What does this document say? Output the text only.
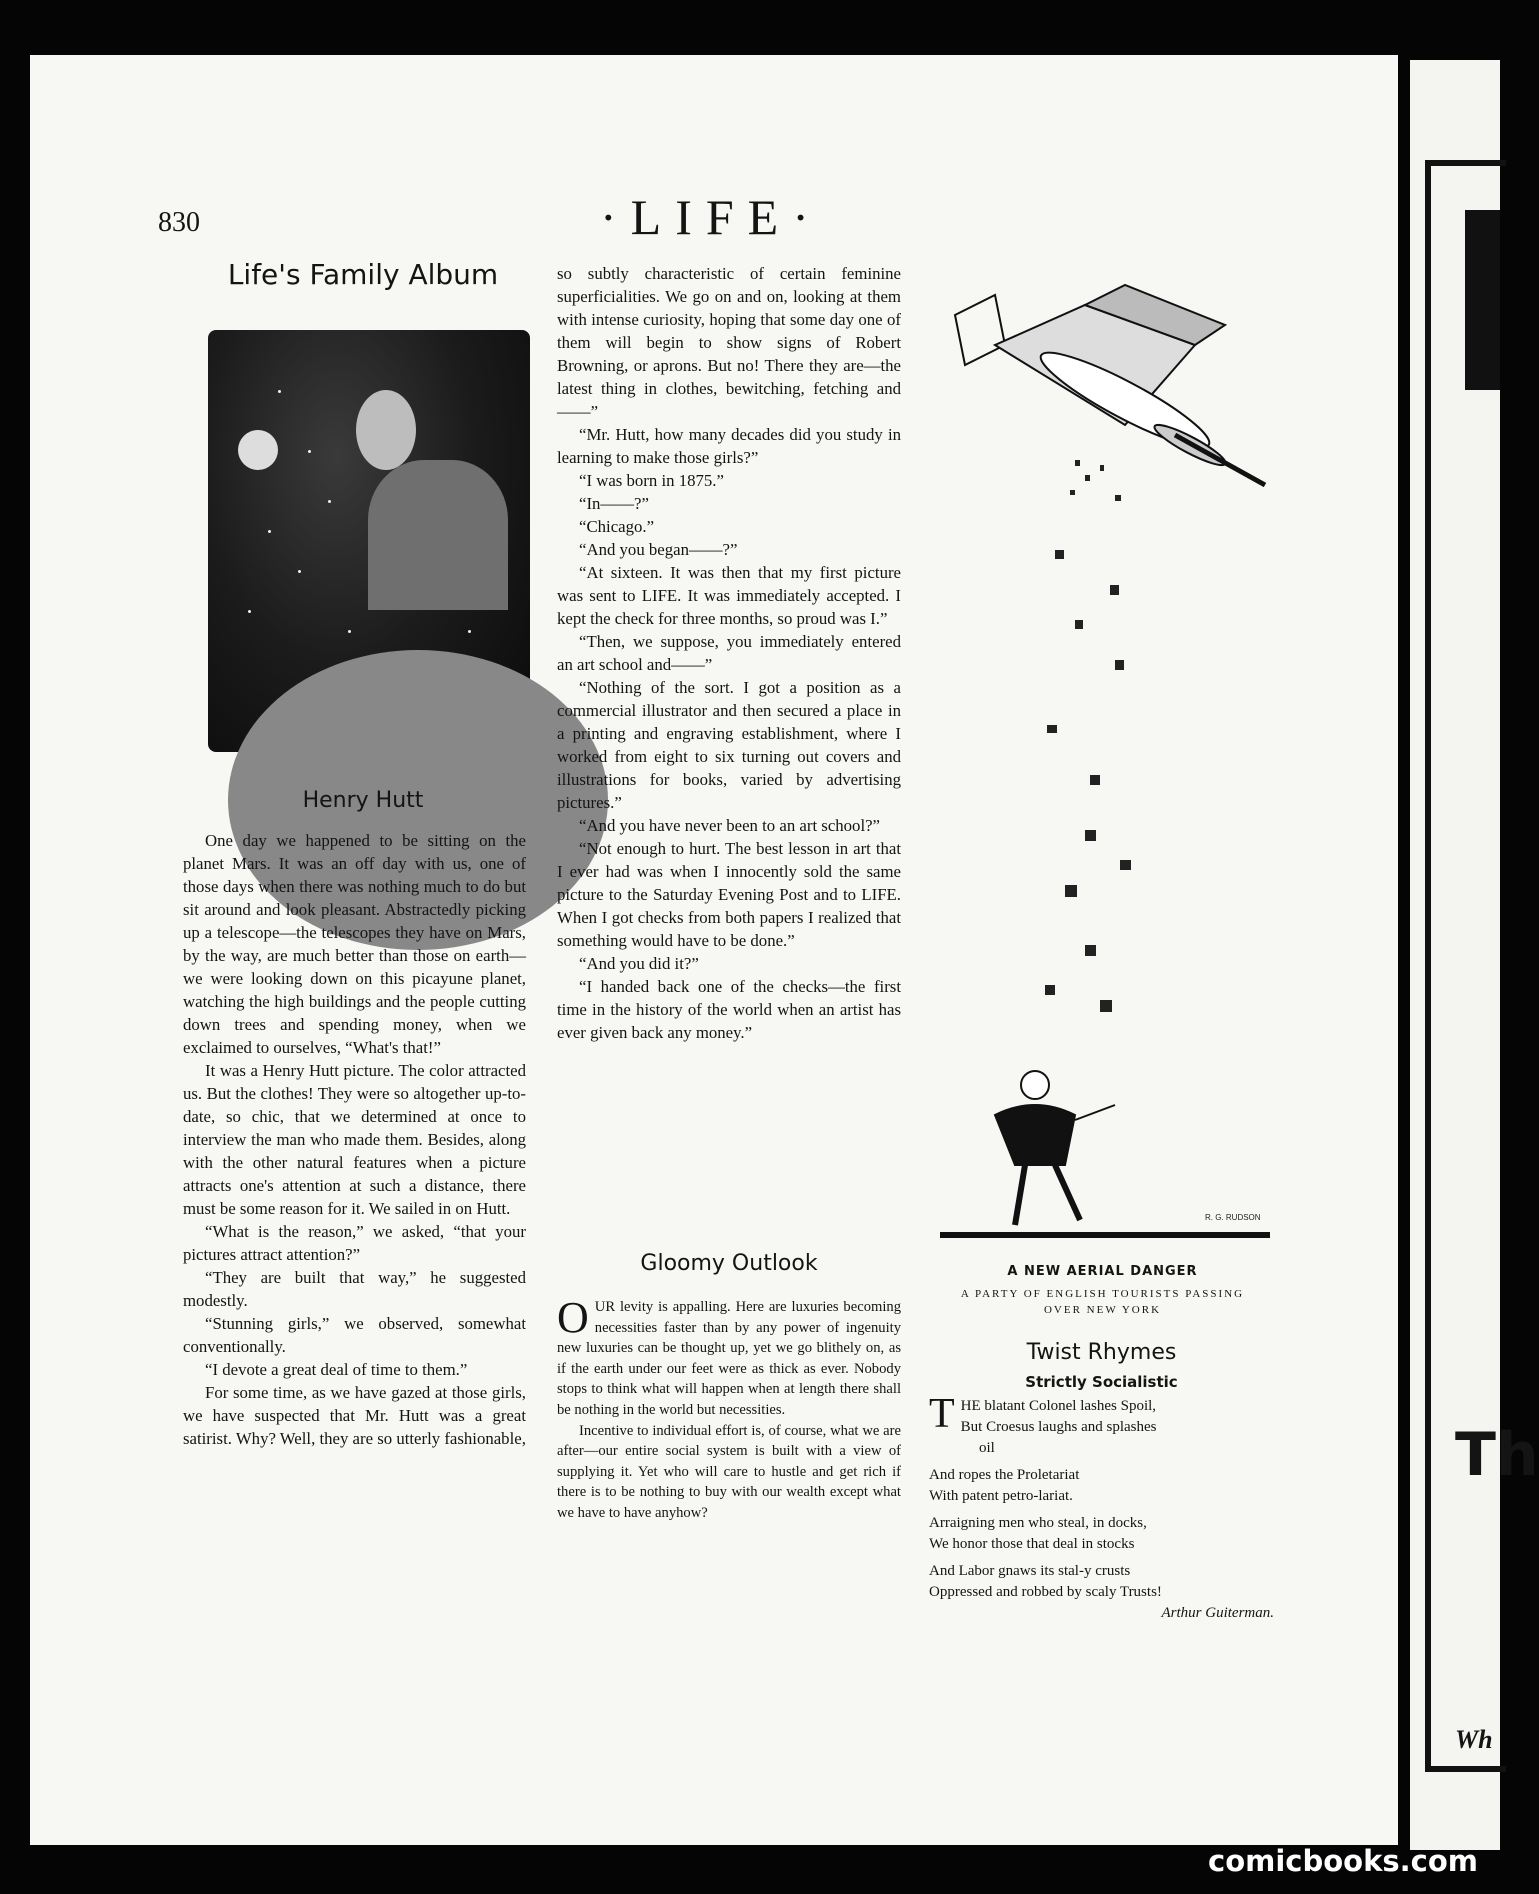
830	·LIFE·
Life's Family Album
Henry Hutt

One day we happened to be sitting on the planet Mars. It was an off day with us, one of those days when there was nothing much to do but sit around and look pleasant. Abstractedly picking up a telescope—the telescopes they have on Mars, by the way, are much better than those on earth—we were looking down on this picayune planet, watching the high buildings and the people cutting down trees and spending money, when we exclaimed to ourselves, “What's that!”

It was a Henry Hutt picture. The color attracted us. But the clothes! They were so altogether up-to-date, so chic, that we determined at once to interview the man who made them. Besides, along with the other natural features when a picture attracts one's attention at such a distance, there must be some reason for it. We sailed in on Hutt.

“What is the reason,” we asked, “that your pictures attract attention?”

“They are built that way,” he suggested modestly.

“Stunning girls,” we observed, somewhat conventionally.

“I devote a great deal of time to them.”

For some time, as we have gazed at those girls, we have suspected that Mr. Hutt was a great satirist. Why? Well, they are so utterly fashionable,

so subtly characteristic of certain feminine superficialities. We go on and on, looking at them with intense curiosity, hoping that some day one of them will begin to show signs of Robert Browning, or aprons. But no! There they are—the latest thing in clothes, bewitching, fetching and——”

“Mr. Hutt, how many decades did you study in learning to make those girls?”

“I was born in 1875.”

“In——?”

“Chicago.”

“And you began——?”

“At sixteen. It was then that my first picture was sent to LIFE. It was immediately accepted. I kept the check for three months, so proud was I.”

“Then, we suppose, you immediately entered an art school and——”

“Nothing of the sort. I got a position as a commercial illustrator and then secured a place in a printing and engraving establishment, where I worked from eight to six turning out covers and illustrations for books, varied by advertising pictures.”

“And you have never been to an art school?”

“Not enough to hurt. The best lesson in art that I ever had was when I innocently sold the same picture to the Saturday Evening Post and to LIFE. When I got checks from both papers I realized that something would have to be done.”

“And you did it?”

“I handed back one of the checks—the first time in the history of the world when an artist has ever given back any money.”

Gloomy Outlook

OUR levity is appalling. Here are luxuries becoming necessities faster than by any power of ingenuity new luxuries can be thought up, yet we go blithely on, as if the earth under our feet were as thick as ever. Nobody stops to think what will happen when at length there shall be nothing in the world but necessities.

Incentive to individual effort is, of course, what we are after—our entire social system is built with a view of supplying it. Yet who will care to hustle and get rich if there is to be nothing to buy with our wealth except what we have to have anyhow?

R. G. RUDSON
A NEW AERIAL DANGER
A PARTY OF ENGLISH TOURISTS PASSING
OVER NEW YORK
Twist Rhymes
Strictly Socialistic
T HE blatant Colonel lashes Spoil,
But Croesus laughs and splashes
oil
And ropes the Proletariat
With patent petro-lariat.
Arraigning men who steal, in docks,
We honor those that deal in stocks
And Labor gnaws its stal-y crusts
Oppressed and robbed by scaly Trusts!
Arthur Guiterman.
I
Th
Wh
comicbooks.com
